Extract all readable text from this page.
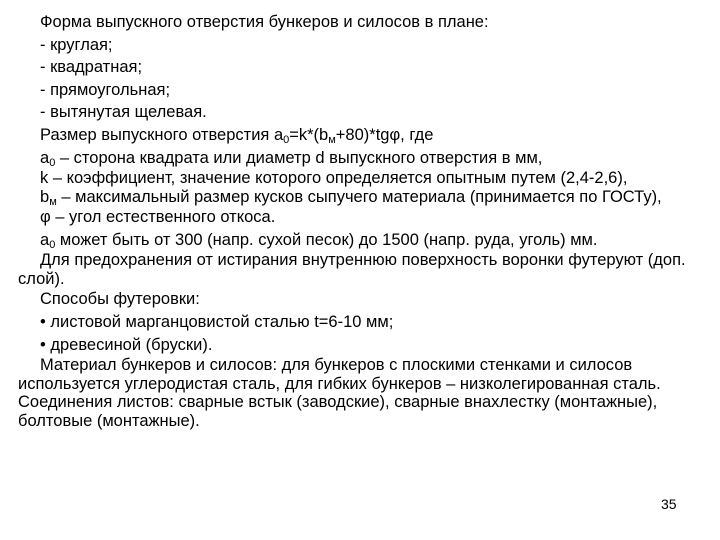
Форма выпускного отверстия бункеров и силосов в плане:

- круглая;

- квадратная;

- прямоугольная;

- вытянутая щелевая.

Размер выпускного отверстия $a_0=k*(b_м+80)*tg\varphi$, где

$a_0$ – сторона квадрата или диаметр d выпускного отверстия в мм,

k – коэффициент, значение которого определяется опытным путем (2,4-2,6),

$b_м$ – максимальный размер кусков сыпучего материала (принимается по ГОСТу),

φ – угол естественного откоса.

$a_0$ может быть от 300 (напр. сухой песок) до 1500 (напр. руда, уголь) мм.

Для предохранения от истирания внутреннюю поверхность воронки футеруют (доп. слой).

Способы футеровки:

• листовой марганцовистой сталью t=6-10 мм;

• древесиной (бруски).

Материал бункеров и силосов: для бункеров с плоскими стенками и силосов используется углеродистая сталь, для гибких бункеров – низколегированная сталь. Соединения листов: сварные встык (заводские), сварные внахлестку (монтажные), болтовые (монтажные).

35
